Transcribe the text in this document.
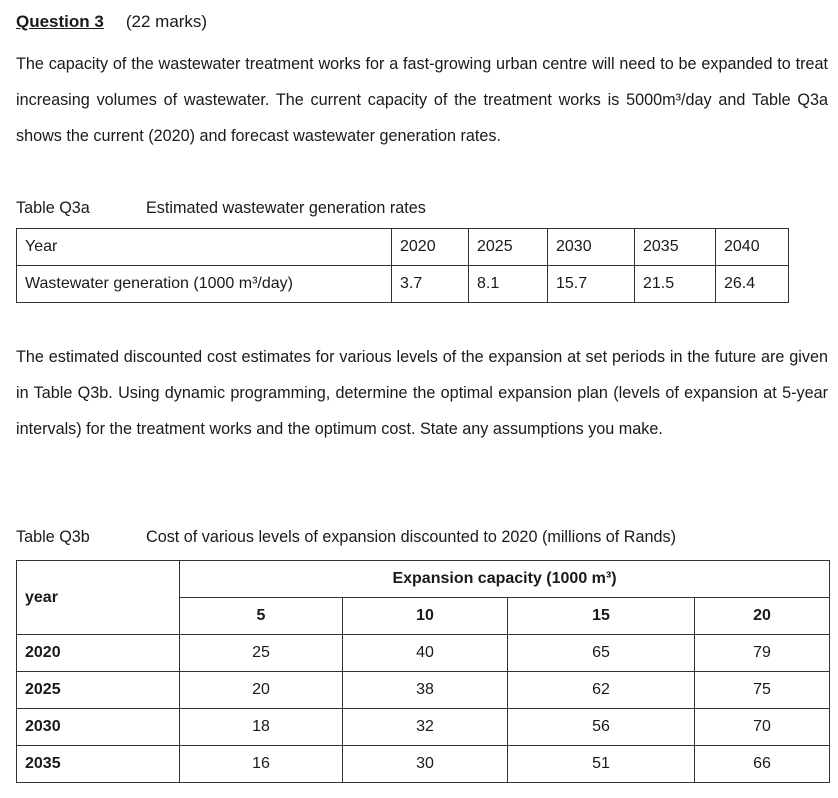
Question 3 (22 marks)
The capacity of the wastewater treatment works for a fast-growing urban centre will need to be expanded to treat increasing volumes of wastewater. The current capacity of the treatment works is 5000m³/day and Table Q3a shows the current (2020) and forecast wastewater generation rates.
Table Q3a	Estimated wastewater generation rates
Year	2020	2025	2030	2035	2040
Wastewater generation (1000 m³/day)	3.7	8.1	15.7	21.5	26.4
The estimated discounted cost estimates for various levels of the expansion at set periods in the future are given in Table Q3b. Using dynamic programming, determine the optimal expansion plan (levels of expansion at 5-year intervals) for the treatment works and the optimum cost. State any assumptions you make.
Table Q3b	Cost of various levels of expansion discounted to 2020 (millions of Rands)
year	Expansion capacity (1000 m³)			
	5	10	15	20
2020	25	40	65	79
2025	20	38	62	75
2030	18	32	56	70
2035	16	30	51	66
